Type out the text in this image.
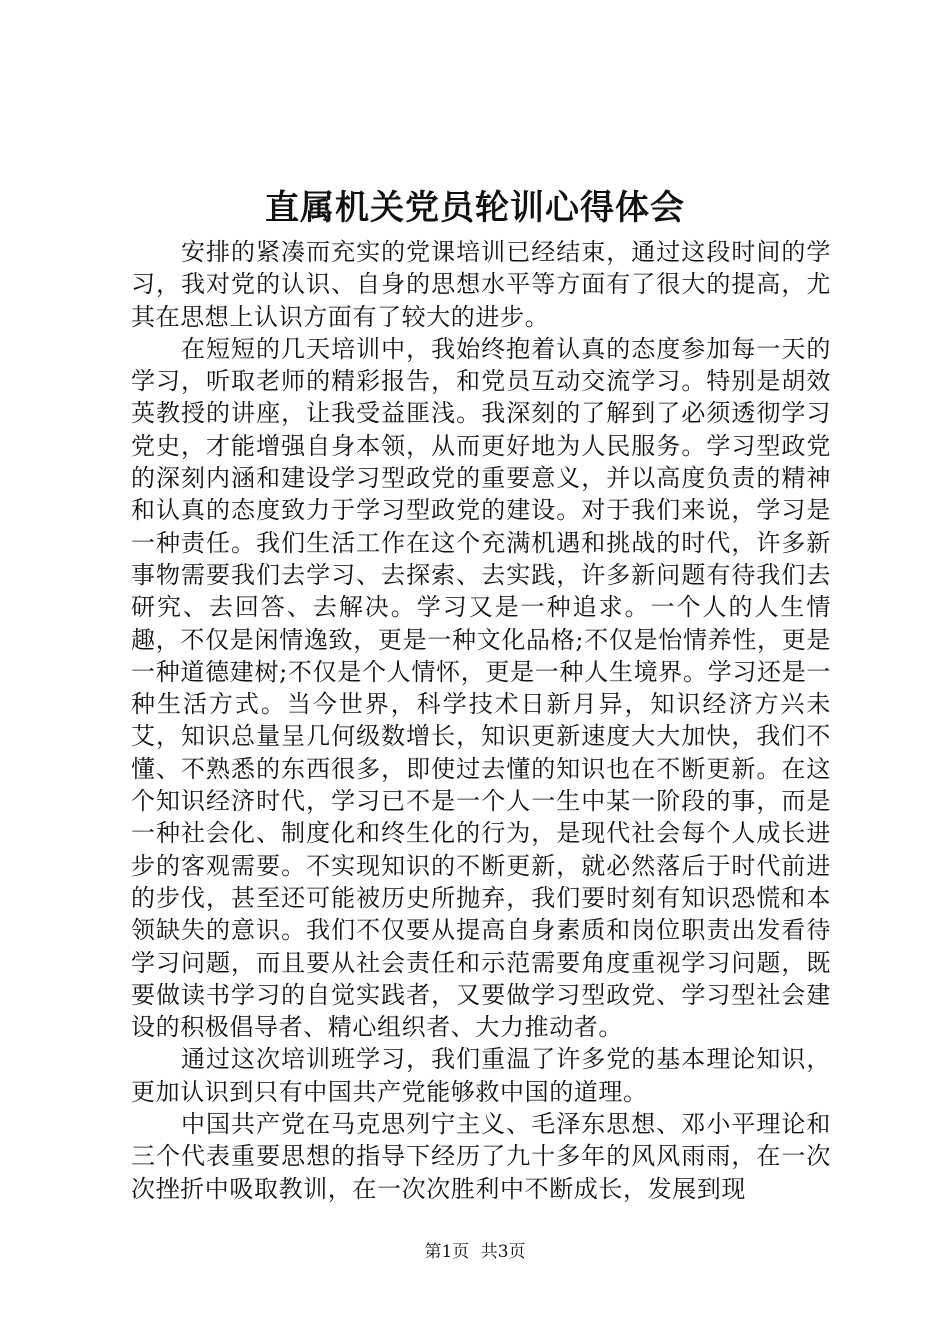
直属机关党员轮训心得体会

安排的紧凑而充实的党课培训已经结束，通过这段时间的学习，我对党的认识、自身的思想水平等方面有了很大的提高，尤其在思想上认识方面有了较大的进步。

在短短的几天培训中，我始终抱着认真的态度参加每一天的学习，听取老师的精彩报告，和党员互动交流学习。特别是胡效英教授的讲座，让我受益匪浅。我深刻的了解到了必须透彻学习党史，才能增强自身本领，从而更好地为人民服务。学习型政党的深刻内涵和建设学习型政党的重要意义，并以高度负责的精神和认真的态度致力于学习型政党的建设。对于我们来说，学习是一种责任。我们生活工作在这个充满机遇和挑战的时代，许多新事物需要我们去学习、去探索、去实践，许多新问题有待我们去研究、去回答、去解决。学习又是一种追求。一个人的人生情趣，不仅是闲情逸致，更是一种文化品格;不仅是怡情养性，更是一种道德建树;不仅是个人情怀，更是一种人生境界。学习还是一种生活方式。当今世界，科学技术日新月异，知识经济方兴未艾，知识总量呈几何级数增长，知识更新速度大大加快，我们不懂、不熟悉的东西很多，即使过去懂的知识也在不断更新。在这个知识经济时代，学习已不是一个人一生中某一阶段的事，而是一种社会化、制度化和终生化的行为，是现代社会每个人成长进步的客观需要。不实现知识的不断更新，就必然落后于时代前进的步伐，甚至还可能被历史所抛弃，我们要时刻有知识恐慌和本领缺失的意识。我们不仅要从提高自身素质和岗位职责出发看待学习问题，而且要从社会责任和示范需要角度重视学习问题，既要做读书学习的自觉实践者，又要做学习型政党、学习型社会建设的积极倡导者、精心组织者、大力推动者。

通过这次培训班学习，我们重温了许多党的基本理论知识，更加认识到只有中国共产党能够救中国的道理。

中国共产党在马克思列宁主义、毛泽东思想、邓小平理论和三个代表重要思想的指导下经历了九十多年的风风雨雨，在一次次挫折中吸取教训，在一次次胜利中不断成长，发展到现

第1页 共3页
